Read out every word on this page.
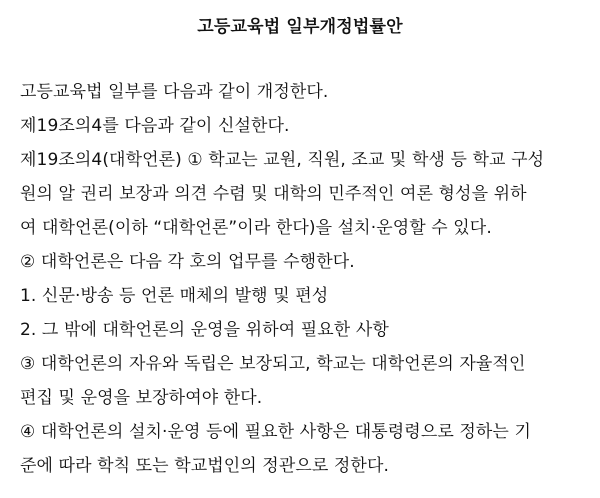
고등교육법 일부개정법률안
고등교육법 일부를 다음과 같이 개정한다.
제19조의4를 다음과 같이 신설한다.
제19조의4(대학언론) ① 학교는 교원, 직원, 조교 및 학생 등 학교 구성
원의 알 권리 보장과 의견 수렴 및 대학의 민주적인 여론 형성을 위하
여 대학언론(이하 “대학언론”이라 한다)을 설치·운영할 수 있다.
② 대학언론은 다음 각 호의 업무를 수행한다.
1. 신문·방송 등 언론 매체의 발행 및 편성
2. 그 밖에 대학언론의 운영을 위하여 필요한 사항
③ 대학언론의 자유와 독립은 보장되고, 학교는 대학언론의 자율적인
편집 및 운영을 보장하여야 한다.
④ 대학언론의 설치·운영 등에 필요한 사항은 대통령령으로 정하는 기
준에 따라 학칙 또는 학교법인의 정관으로 정한다.
